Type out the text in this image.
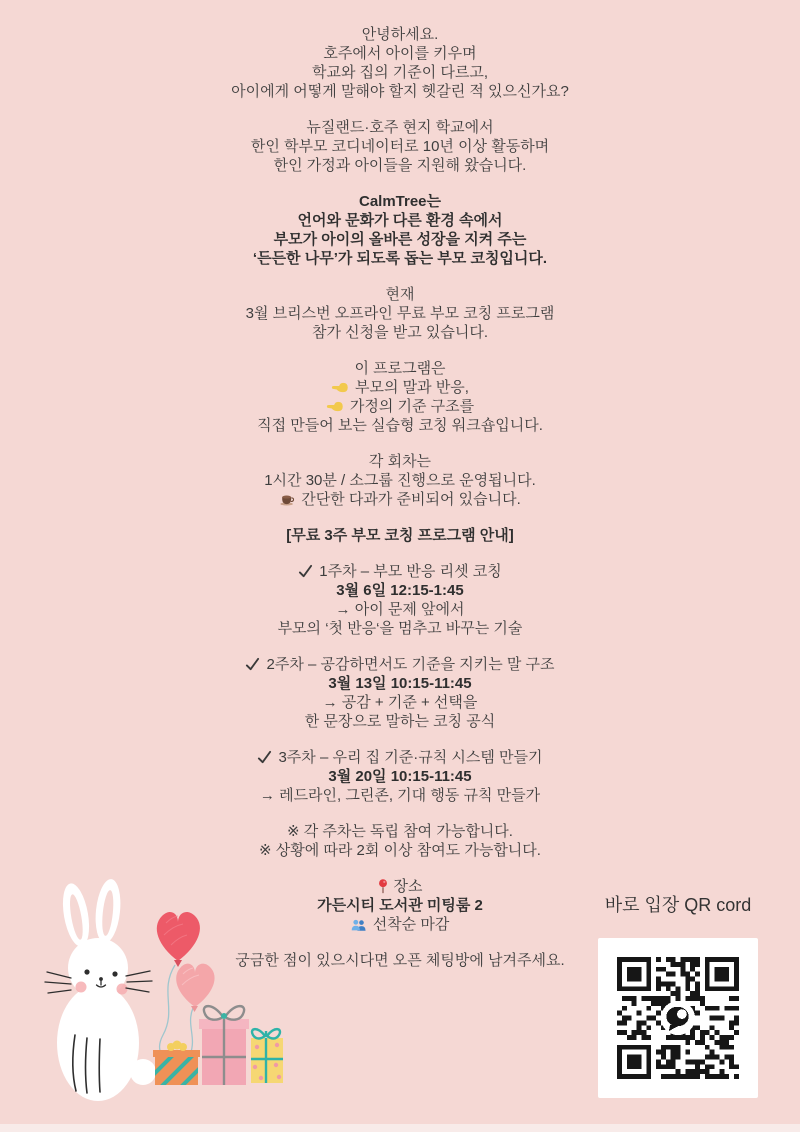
안녕하세요.
호주에서 아이를 키우며
학교와 집의 기준이 다르고,
아이에게 어떻게 말해야 할지 헷갈린 적 있으신가요?

뉴질랜드·호주 현지 학교에서
한인 학부모 코디네이터로 10년 이상 활동하며
한인 가정과 아이들을 지원해 왔습니다.

CalmTree는
언어와 문화가 다른 환경 속에서
부모가 아이의 올바른 성장을 지켜 주는
‘든든한 나무’가 되도록 돕는 부모 코칭입니다.

현재
3월 브리스번 오프라인 무료 부모 코칭 프로그램
참가 신청을 받고 있습니다.

이 프로그램은
부모의 말과 반응,
가정의 기준 구조를
직접 만들어 보는 실습형 코칭 워크숍입니다.

각 회차는
1시간 30분 / 소그룹 진행으로 운영됩니다.
간단한 다과가 준비되어 있습니다.

[무료 3주 부모 코칭 프로그램 안내]

1주차 – 부모 반응 리셋 코칭
3월 6일 12:15-1:45
→ 아이 문제 앞에서
부모의 ‘첫 반응‘을 멈추고 바꾸는 기술

2주차 – 공감하면서도 기준을 지키는 말 구조
3월 13일 10:15-11:45
→ 공감 + 기준 + 선택을
한 문장으로 말하는 코칭 공식

3주차 – 우리 집 기준·규칙 시스템 만들기
3월 20일 10:15-11:45
→ 레드라인, 그린존, 기대 행동 규칙 만들가

※ 각 주차는 독립 참여 가능합니다.
※ 상황에 따라 2회 이상 참여도 가능합니다.

장소
가든시티 도서관 미팅룸 2
선착순 마감

궁금한 점이 있으시다면 오픈 체팅방에 남겨주세요.

바로 입장 QR cord
